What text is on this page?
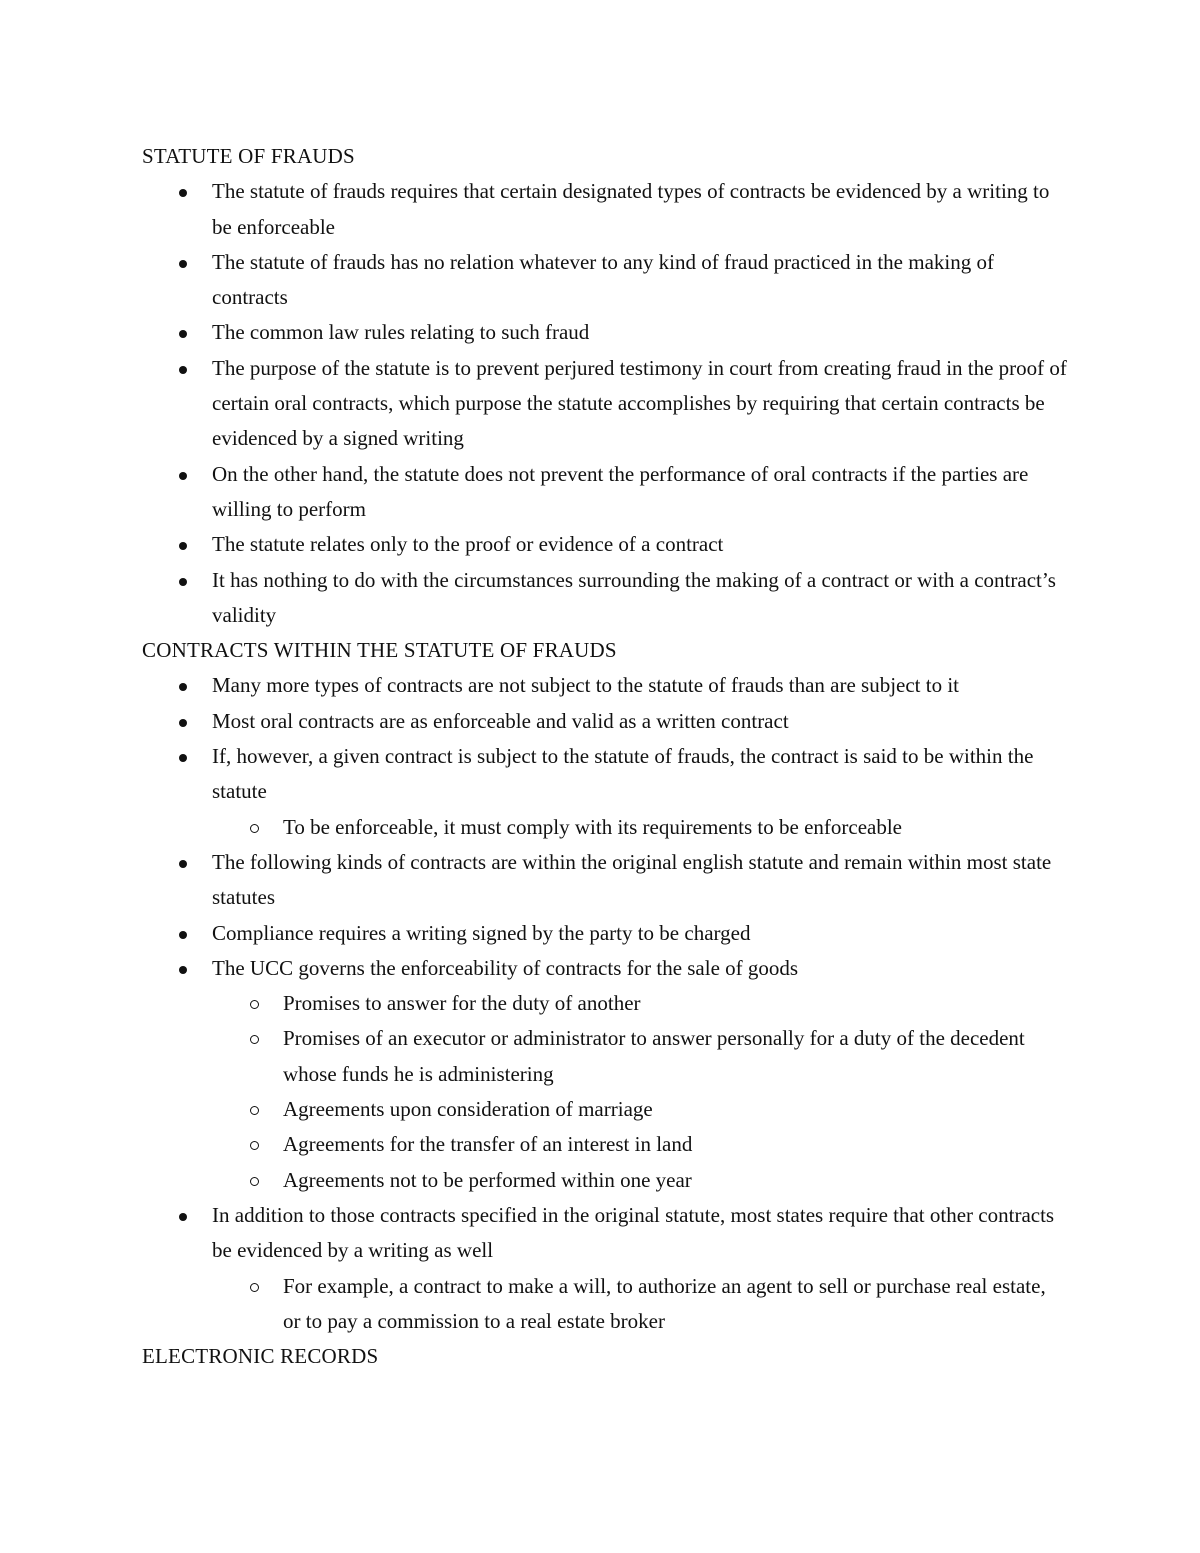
STATUTE OF FRAUDS
The statute of frauds requires that certain designated types of contracts be evidenced by a writing to be enforceable
The statute of frauds has no relation whatever to any kind of fraud practiced in the making of contracts
The common law rules relating to such fraud
The purpose of the statute is to prevent perjured testimony in court from creating fraud in the proof of certain oral contracts, which purpose the statute accomplishes by requiring that certain contracts be evidenced by a signed writing
On the other hand, the statute does not prevent the performance of oral contracts if the parties are willing to perform
The statute relates only to the proof or evidence of a contract
It has nothing to do with the circumstances surrounding the making of a contract or with a contract’s validity
CONTRACTS WITHIN THE STATUTE OF FRAUDS
Many more types of contracts are not subject to the statute of frauds than are subject to it
Most oral contracts are as enforceable and valid as a written contract
If, however, a given contract is subject to the statute of frauds, the contract is said to be within the statute
To be enforceable, it must comply with its requirements to be enforceable
The following kinds of contracts are within the original english statute and remain within most state statutes
Compliance requires a writing signed by the party to be charged
The UCC governs the enforceability of contracts for the sale of goods
Promises to answer for the duty of another
Promises of an executor or administrator to answer personally for a duty of the decedent whose funds he is administering
Agreements upon consideration of marriage
Agreements for the transfer of an interest in land
Agreements not to be performed within one year
In addition to those contracts specified in the original statute, most states require that other contracts be evidenced by a writing as well
For example, a contract to make a will, to authorize an agent to sell or purchase real estate, or to pay a commission to a real estate broker
ELECTRONIC RECORDS
